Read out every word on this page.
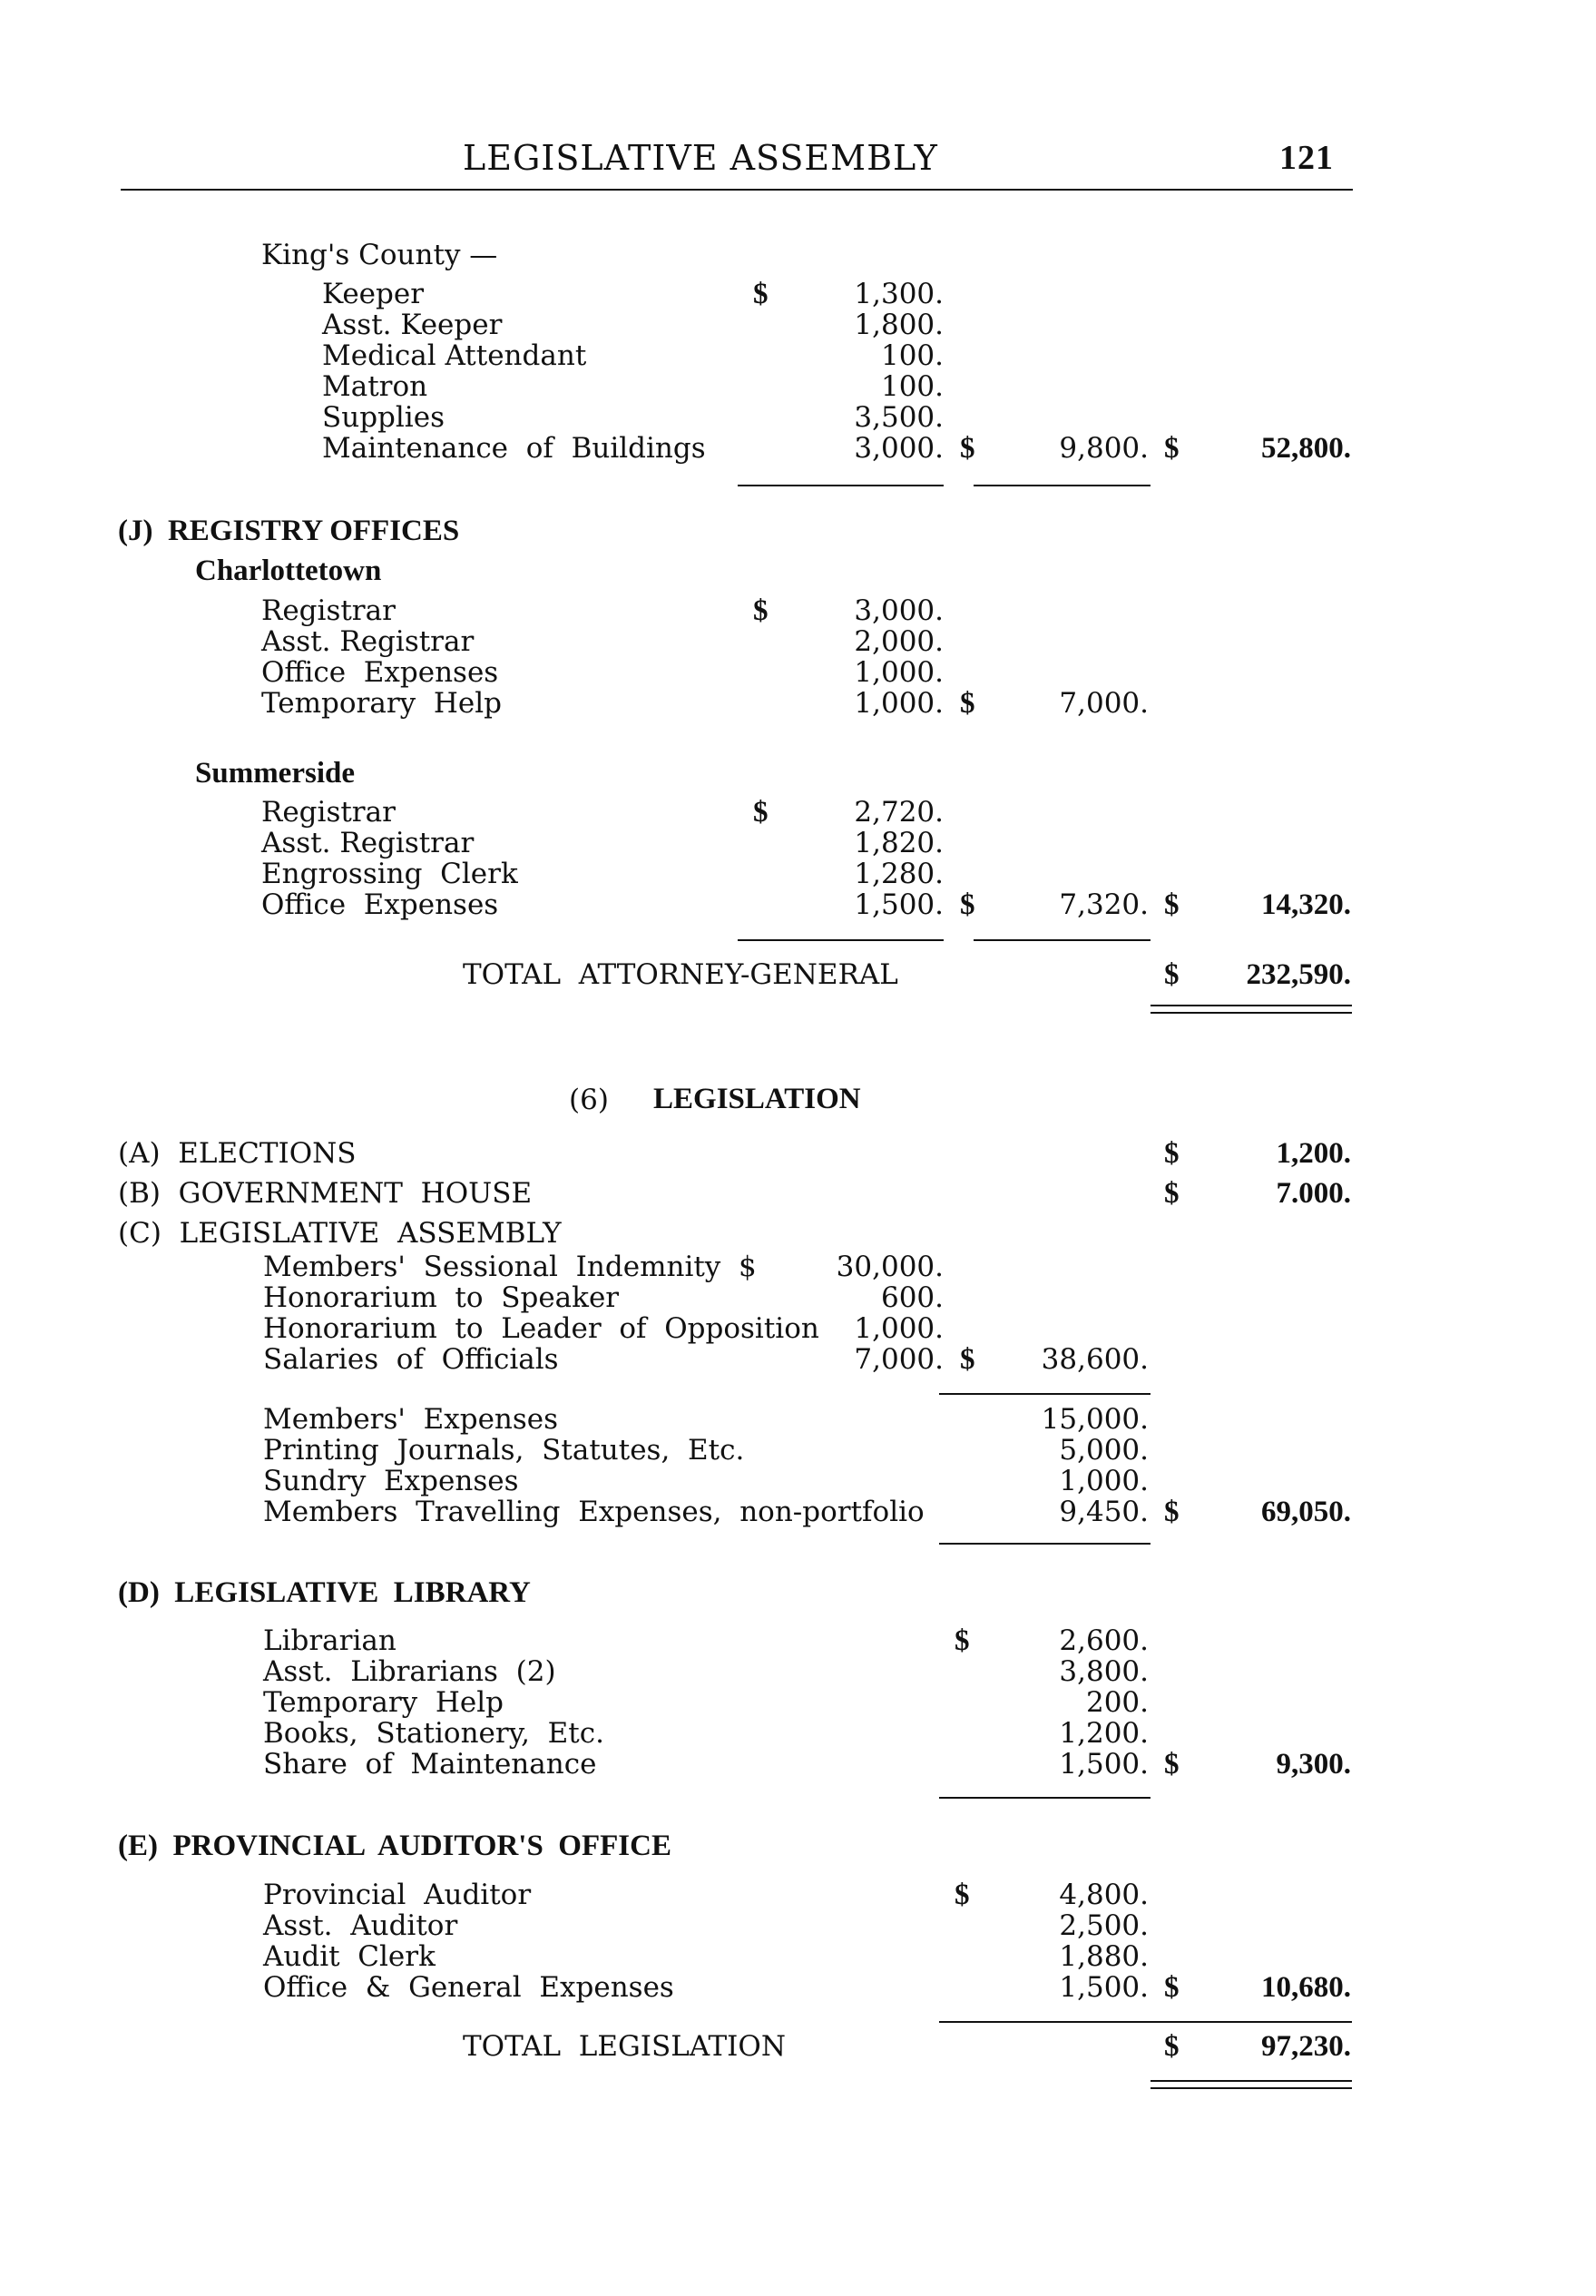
LEGISLATIVE ASSEMBLY	121
King's County —
Keeper	$	1,300.
Asst. Keeper	1,800.
Medical Attendant	100.
Matron	100.
Supplies	3,500.
Maintenance  of  Buildings	3,000. $	9,800. $	52,800.
(J)  REGISTRY OFFICES
Charlottetown
Registrar	$	3,000.
Asst. Registrar	2,000.
Office  Expenses	1,000.
Temporary  Help	1,000. $	7,000.
Summerside
Registrar	$	2,720.
Asst. Registrar	1,820.
Engrossing  Clerk	1,280.
Office  Expenses	1,500. $	7,320. $	14,320.
TOTAL  ATTORNEY-GENERAL	$ 232,590.
(6) LEGISLATION
(A)  ELECTIONS	$	1,200.
(B)  GOVERNMENT  HOUSE	$	7.000.
(C)  LEGISLATIVE  ASSEMBLY
Members'  Sessional  Indemnity  $	30,000.
Honorarium  to  Speaker	600.
Honorarium  to  Leader  of  Opposition 1,000.
Salaries  of  Officials	7,000. $ 38,600.
Members'  Expenses	15,000.
Printing  Journals,  Statutes,  Etc.	5,000.
Sundry  Expenses	1,000.
Members  Travelling  Expenses,  non-portfolio	9,450. $	69,050.
(D)  LEGISLATIVE  LIBRARY
Librarian	$	2,600.
Asst.  Librarians  (2)	3,800.
Temporary  Help	200.
Books,  Stationery,  Etc.	1,200.
Share  of  Maintenance	1,500. $	9,300.
(E)  PROVINCIAL  AUDITOR'S  OFFICE
Provincial  Auditor	$	4,800.
Asst.  Auditor	2,500.
Audit  Clerk	1,880.
Office  &  General  Expenses	1,500. $	10,680.
TOTAL  LEGISLATION	$	97,230.
